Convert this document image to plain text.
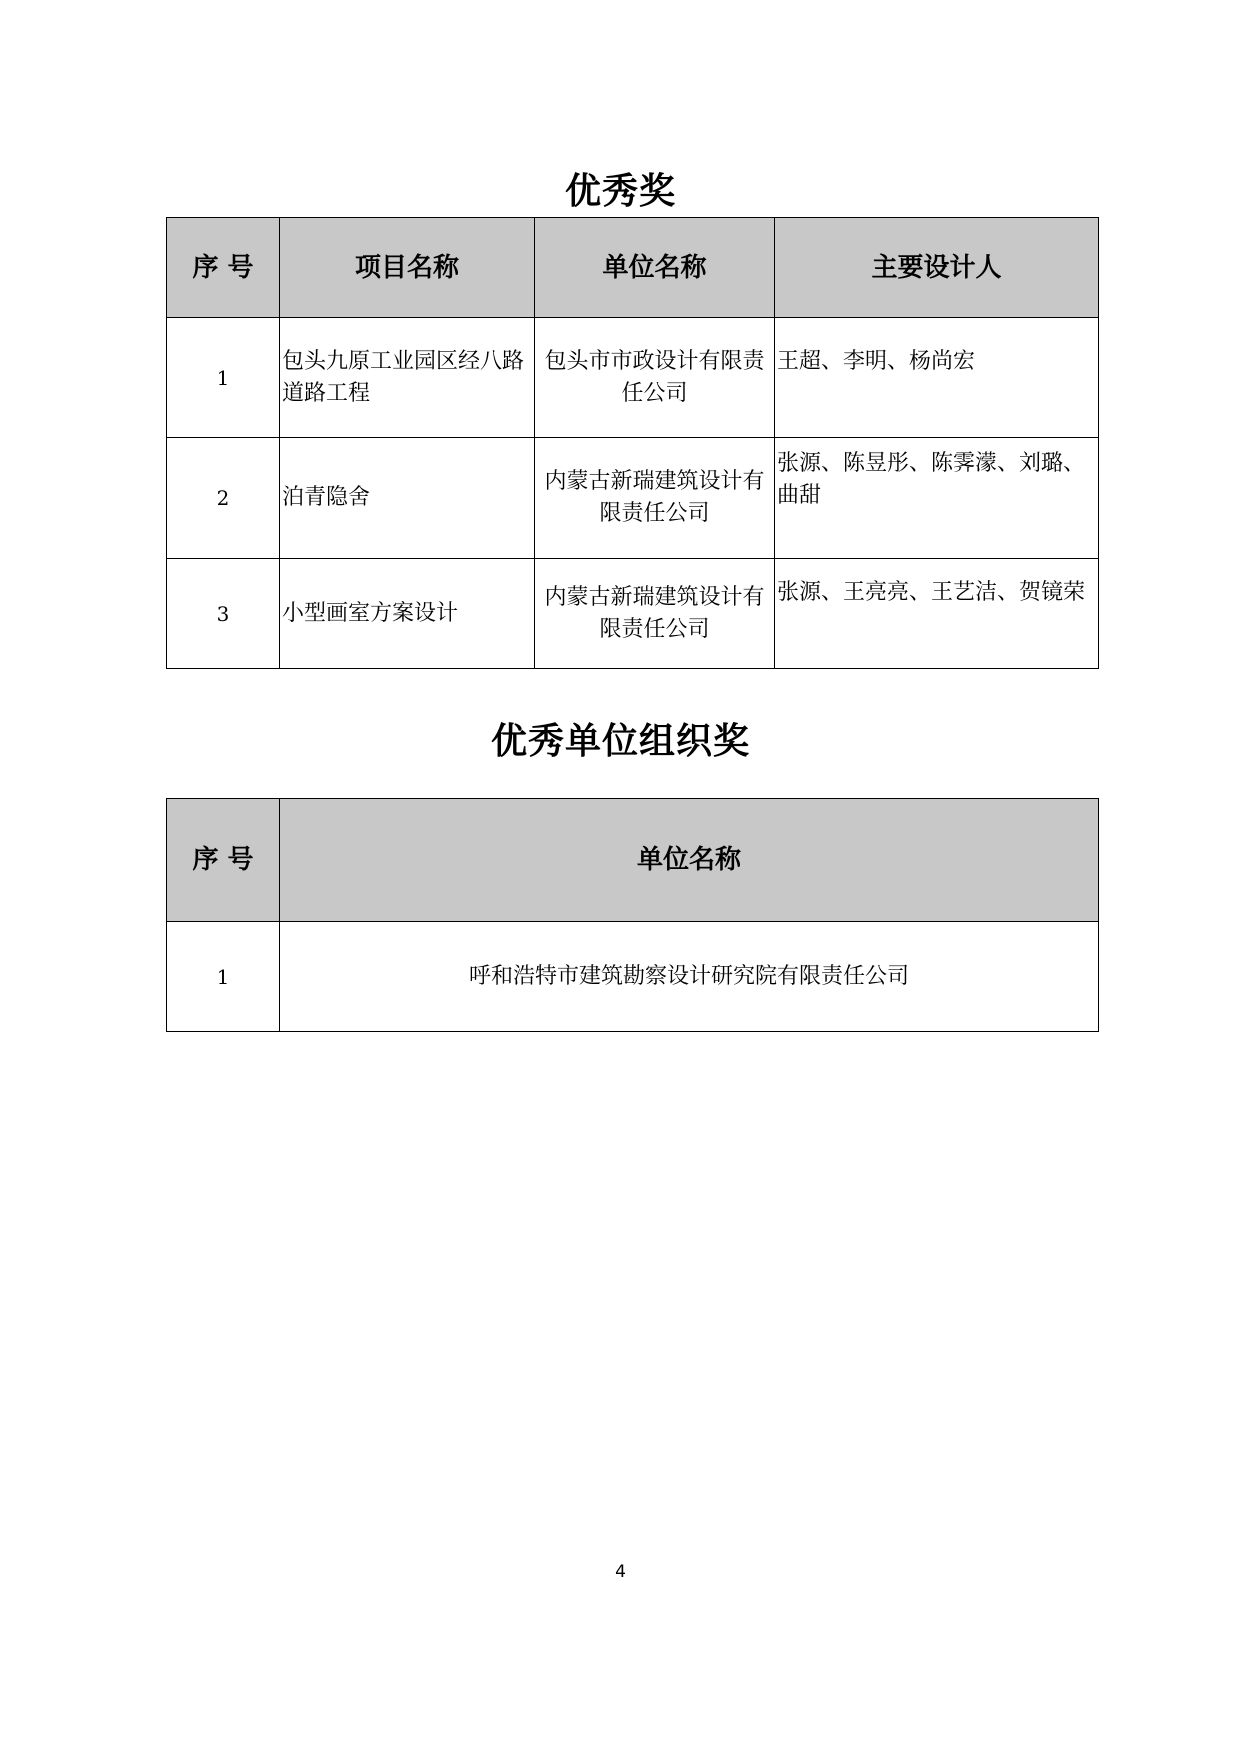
优秀奖
序 号	项目名称	单位名称	主要设计人
1	包头九原工业园区经八路道路工程	包头市市政设计有限责任公司	王超、李明、杨尚宏
2	泊青隐舍	内蒙古新瑞建筑设计有限责任公司	张源、陈昱彤、陈霁濛、刘璐、曲甜
3	小型画室方案设计	内蒙古新瑞建筑设计有限责任公司	张源、王亮亮、王艺洁、贺镜荣
优秀单位组织奖
序 号	单位名称
1	呼和浩特市建筑勘察设计研究院有限责任公司
4
